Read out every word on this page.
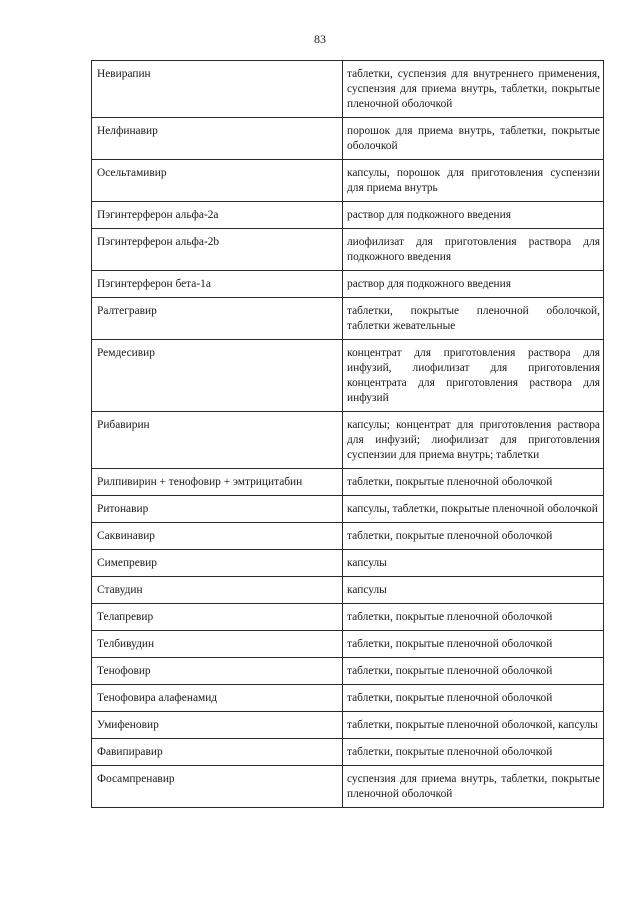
83
Невирапин	таблетки, суспензия для внутреннего применения, суспензия для приема внутрь, таблетки, покрытые пленочной оболочкой
Нелфинавир	порошок для приема внутрь, таблетки, покрытые оболочкой
Осельтамивир	капсулы, порошок для приготовления суспензии для приема внутрь
Пэгинтерферон альфа-2а	раствор для подкожного введения
Пэгинтерферон альфа-2b	лиофилизат для приготовления раствора для подкожного введения
Пэгинтерферон бета-1а	раствор для подкожного введения
Ралтегравир	таблетки, покрытые пленочной оболочкой, таблетки жевательные
Ремдесивир	концентрат для приготовления раствора для инфузий, лиофилизат для приготовления концентрата для приготовления раствора для инфузий
Рибавирин	капсулы; концентрат для приготовления раствора для инфузий; лиофилизат для приготовления суспензии для приема внутрь; таблетки
Рилпивирин + тенофовир + эмтрицитабин	таблетки, покрытые пленочной оболочкой
Ритонавир	капсулы, таблетки, покрытые пленочной оболочкой
Саквинавир	таблетки, покрытые пленочной оболочкой
Симепревир	капсулы
Ставудин	капсулы
Телапревир	таблетки, покрытые пленочной оболочкой
Телбивудин	таблетки, покрытые пленочной оболочкой
Тенофовир	таблетки, покрытые пленочной оболочкой
Тенофовира алафенамид	таблетки, покрытые пленочной оболочкой
Умифеновир	таблетки, покрытые пленочной оболочкой, капсулы
Фавипиравир	таблетки, покрытые пленочной оболочкой
Фосампренавир	суспензия для приема внутрь, таблетки, покрытые пленочной оболочкой
